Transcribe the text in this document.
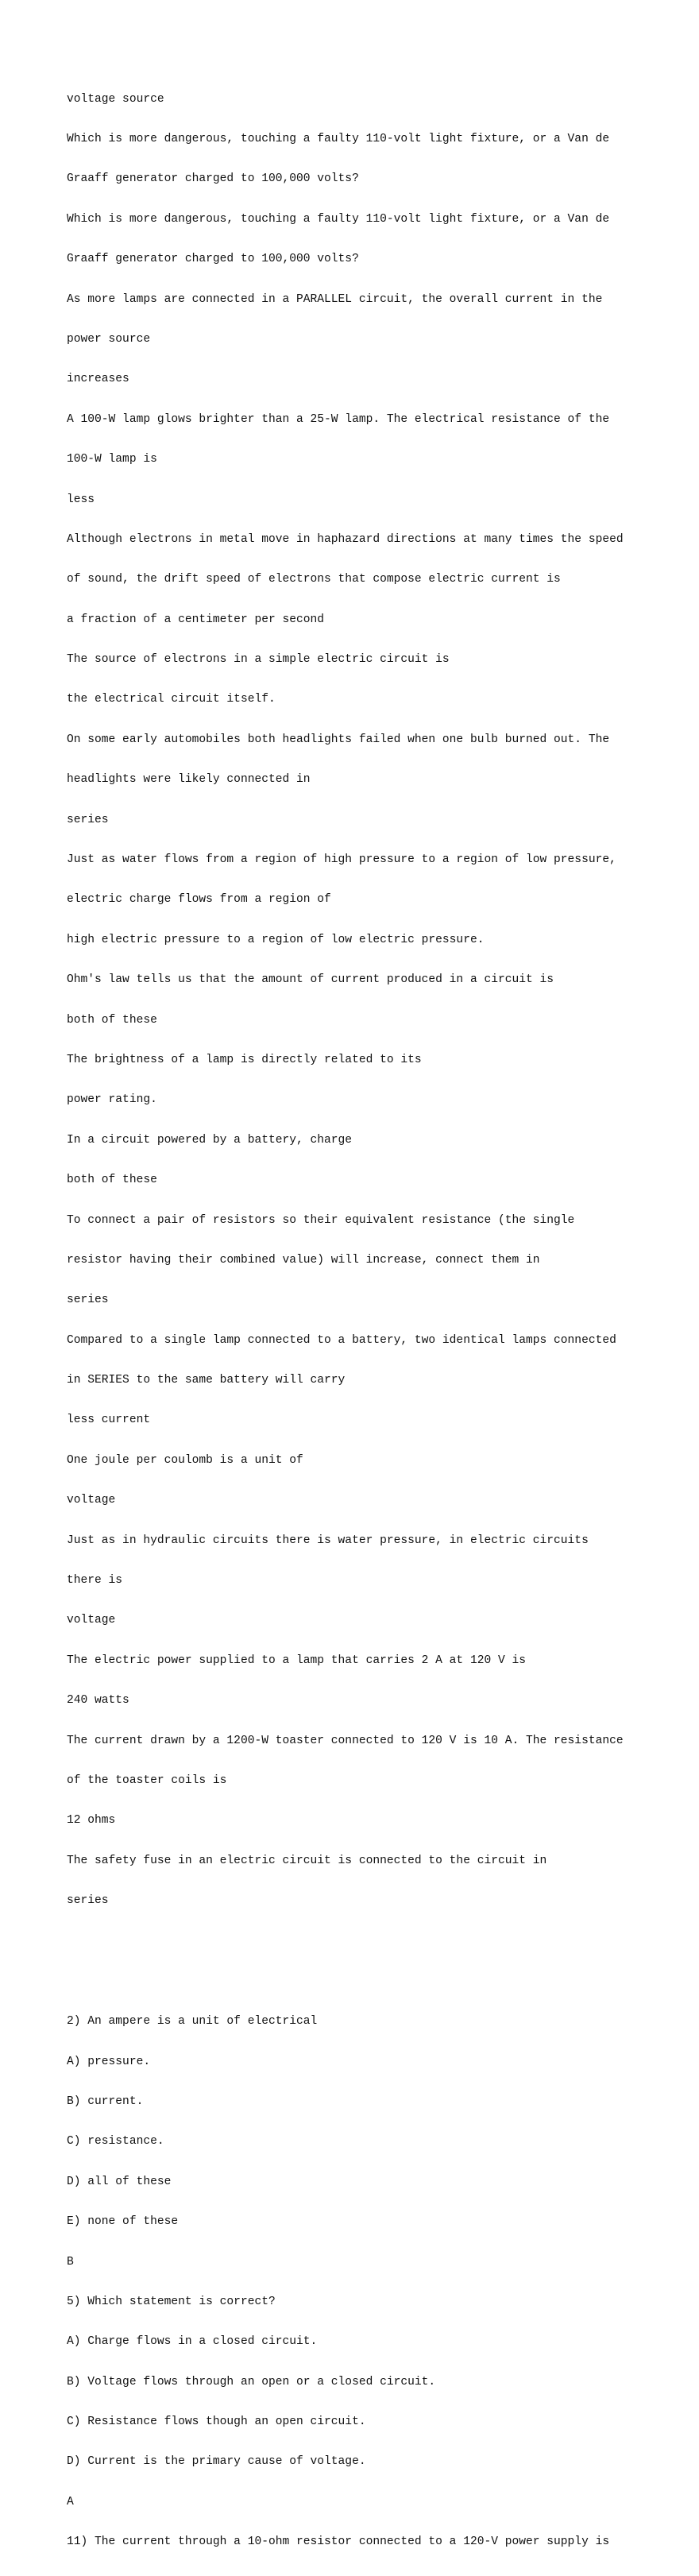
voltage source

Which is more dangerous, touching a faulty 110-volt light fixture, or a Van de

Graaff generator charged to 100,000 volts?

Which is more dangerous, touching a faulty 110-volt light fixture, or a Van de

Graaff generator charged to 100,000 volts?

As more lamps are connected in a PARALLEL circuit, the overall current in the

power source

increases

A 100-W lamp glows brighter than a 25-W lamp. The electrical resistance of the

100-W lamp is

less

Although electrons in metal move in haphazard directions at many times the speed

of sound, the drift speed of electrons that compose electric current is

a fraction of a centimeter per second

The source of electrons in a simple electric circuit is

the electrical circuit itself.

On some early automobiles both headlights failed when one bulb burned out. The

headlights were likely connected in

series

Just as water flows from a region of high pressure to a region of low pressure,

electric charge flows from a region of

high electric pressure to a region of low electric pressure.

Ohm's law tells us that the amount of current produced in a circuit is

both of these

The brightness of a lamp is directly related to its

power rating.

In a circuit powered by a battery, charge

both of these

To connect a pair of resistors so their equivalent resistance (the single

resistor having their combined value) will increase, connect them in

series

Compared to a single lamp connected to a battery, two identical lamps connected

in SERIES to the same battery will carry

less current

One joule per coulomb is a unit of

voltage

Just as in hydraulic circuits there is water pressure, in electric circuits

there is

voltage

The electric power supplied to a lamp that carries 2 A at 120 V is

240 watts

The current drawn by a 1200-W toaster connected to 120 V is 10 A. The resistance

of the toaster coils is

12 ohms

The safety fuse in an electric circuit is connected to the circuit in

series

2) An ampere is a unit of electrical

A) pressure.

B) current.

C) resistance.

D) all of these

E) none of these

B

5) Which statement is correct?

A) Charge flows in a closed circuit.

B) Voltage flows through an open or a closed circuit.

C) Resistance flows though an open circuit.

D) Current is the primary cause of voltage.

A

11) The current through a 10-ohm resistor connected to a 120-V power supply is
